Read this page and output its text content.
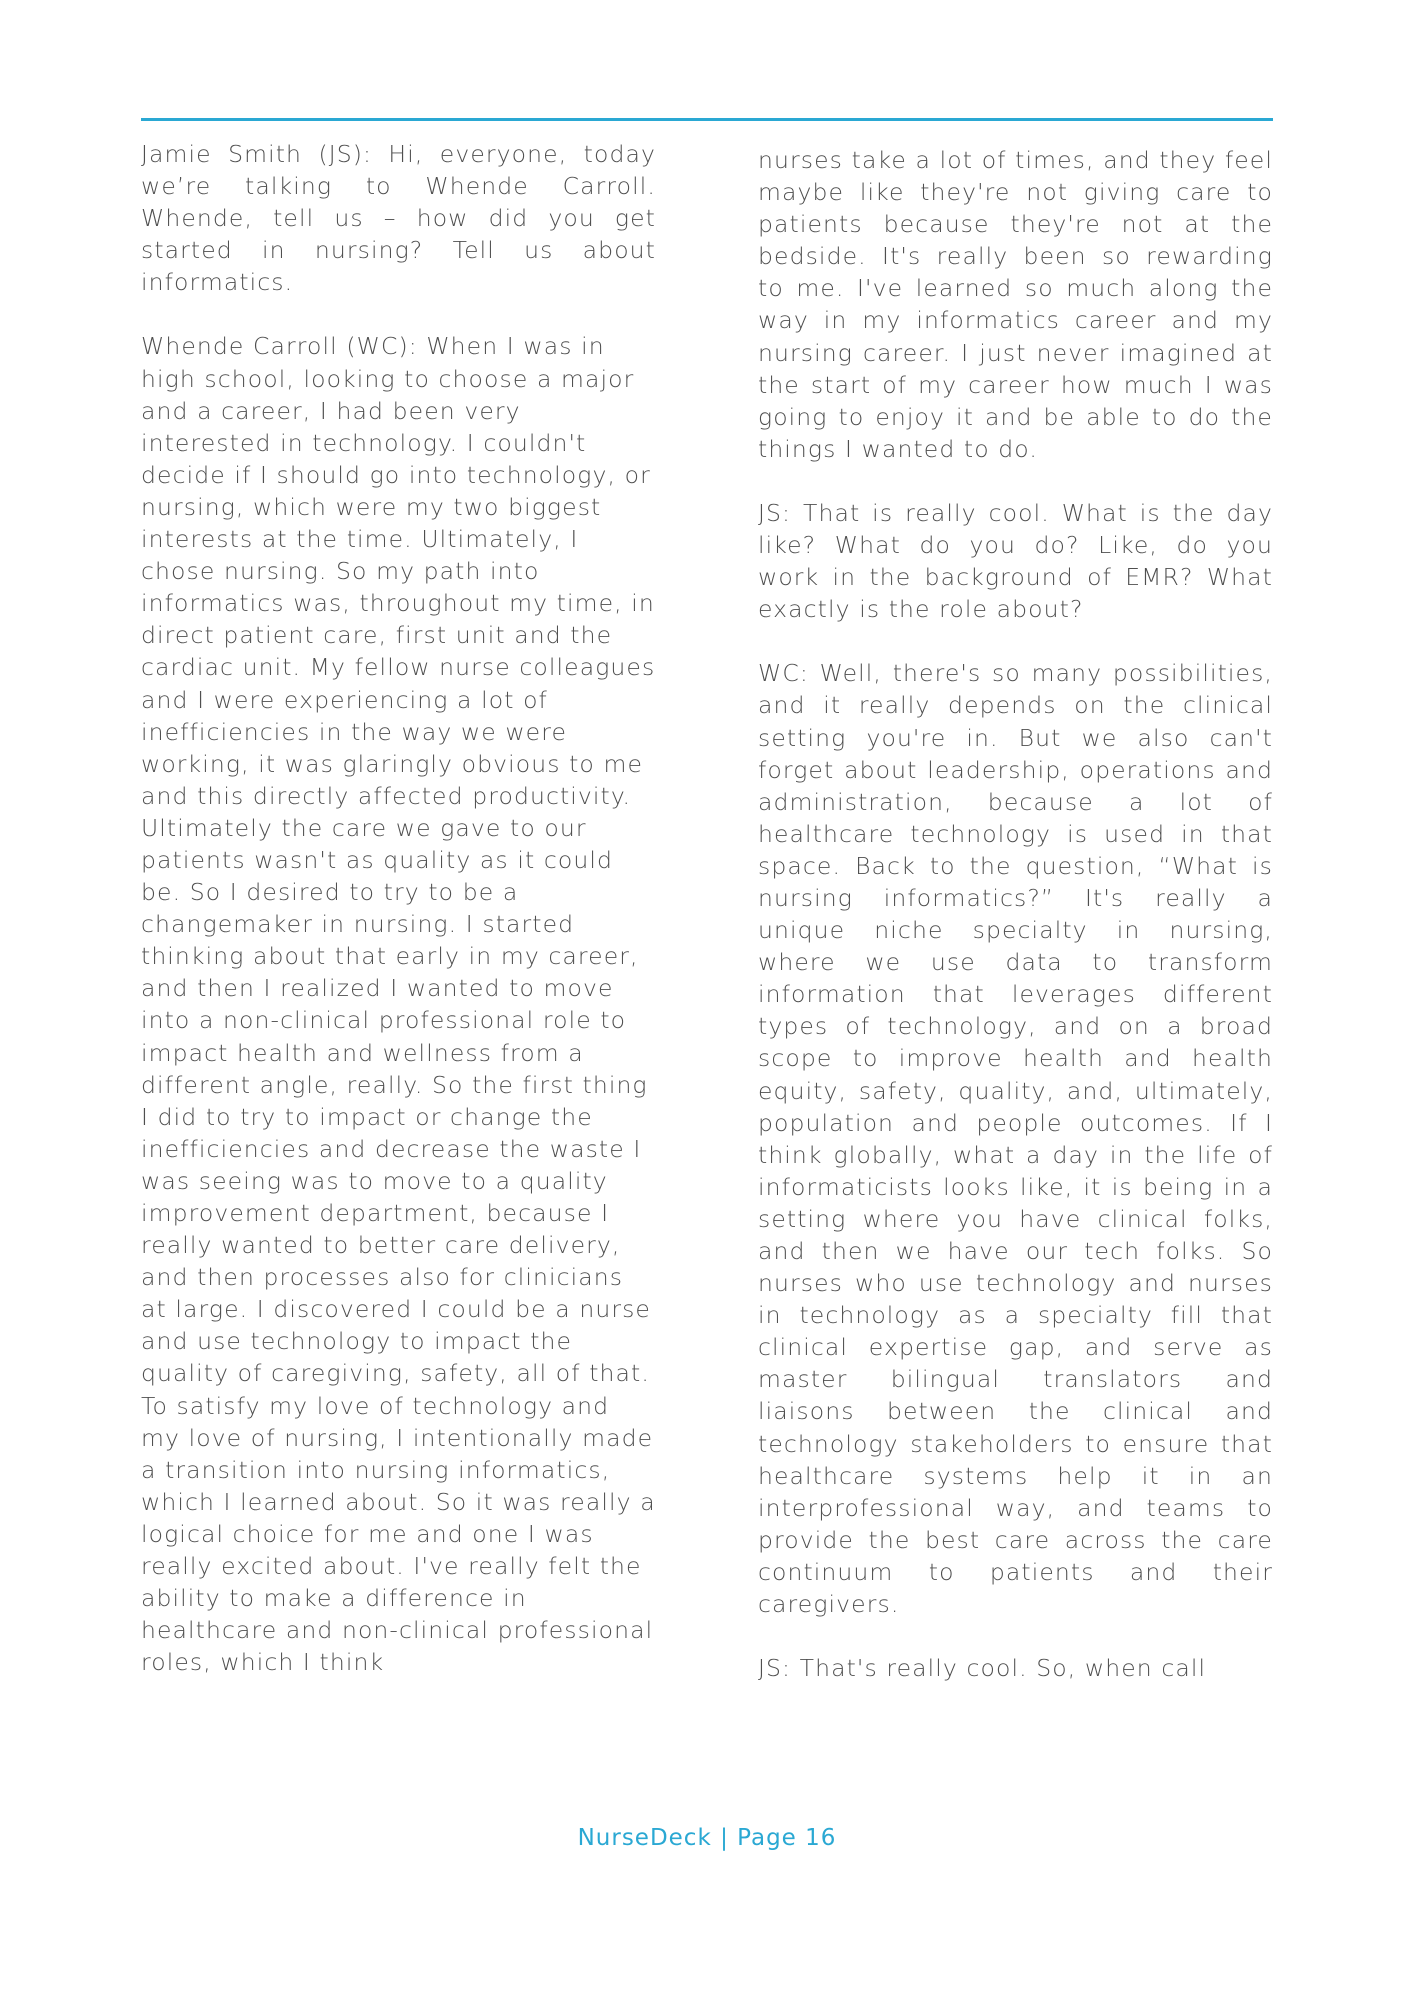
Jamie Smith (JS): Hi, everyone, today we’re talking to Whende Carroll. Whende, tell us – how did you get started in nursing? Tell us about informatics.

Whende Carroll (WC): When I was in high school, looking to choose a major and a career, I had been very interested in technology. I couldn't decide if I should go into technology, or nursing, which were my two biggest interests at the time. Ultimately, I chose nursing. So my path into informatics was, throughout my time, in direct patient care, first unit and the cardiac unit. My fellow nurse colleagues and I were experiencing a lot of inefficiencies in the way we were working, it was glaringly obvious to me and this directly affected productivity. Ultimately the care we gave to our patients wasn't as quality as it could be. So I desired to try to be a changemaker in nursing. I started thinking about that early in my career, and then I realized I wanted to move into a non-clinical professional role to impact health and wellness from a different angle, really. So the first thing I did to try to impact or change the inefficiencies and decrease the waste I was seeing was to move to a quality improvement department, because I really wanted to better care delivery, and then processes also for clinicians at large. I discovered I could be a nurse and use technology to impact the quality of caregiving, safety, all of that. To satisfy my love of technology and my love of nursing, I intentionally made a transition into nursing informatics, which I learned about. So it was really a logical choice for me and one I was really excited about. I've really felt the ability to make a difference in healthcare and non-clinical professional roles, which I think

nurses take a lot of times, and they feel maybe like they're not giving care to patients because they're not at the bedside. It's really been so rewarding to me. I've learned so much along the way in my informatics career and my nursing career. I just never imagined at the start of my career how much I was going to enjoy it and be able to do the things I wanted to do.

JS: That is really cool. What is the day like? What do you do? Like, do you work in the background of EMR? What exactly is the role about?

WC: Well, there's so many possibilities, and it really depends on the clinical setting you're in. But we also can't forget about leadership, operations and administration, because a lot of healthcare technology is used in that space. Back to the question, “What is nursing informatics?” It's really a unique niche specialty in nursing, where we use data to transform information that leverages different types of technology, and on a broad scope to improve health and health equity, safety, quality, and, ultimately, population and people outcomes. If I think globally, what a day in the life of informaticists looks like, it is being in a setting where you have clinical folks, and then we have our tech folks. So nurses who use technology and nurses in technology as a specialty fill that clinical expertise gap, and serve as master bilingual translators and liaisons between the clinical and technology stakeholders to ensure that healthcare systems help it in an interprofessional way, and teams to provide the best care across the care continuum to patients and their caregivers.

JS: That's really cool. So, when call

NurseDeck | Page 16
